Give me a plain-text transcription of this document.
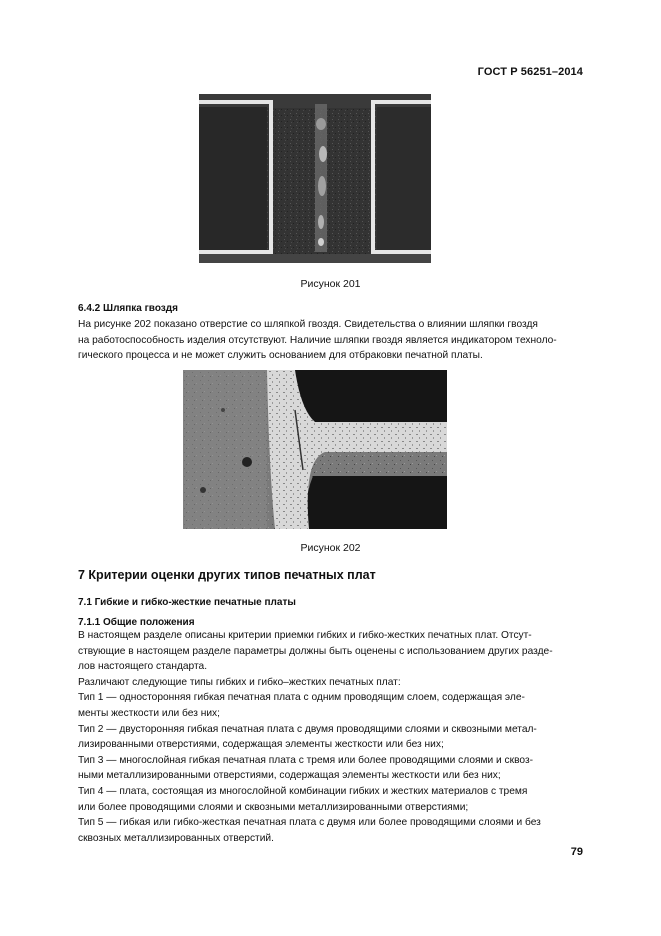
ГОСТ Р 56251–2014
Рисунок 201
6.4.2 Шляпка гвоздя
На рисунке 202 показано отверстие со шляпкой гвоздя. Свидетельства о влиянии шляпки гвоздя
на работоспособность изделия отсутствуют. Наличие шляпки гвоздя является индикатором техноло-
гического процесса и не может служить основанием для отбраковки печатной платы.
Рисунок 202
7 Критерии оценки других типов печатных плат
7.1 Гибкие и гибко-жесткие печатные платы
7.1.1 Общие положения
В настоящем разделе описаны критерии приемки гибких и гибко-жестких печатных плат. Отсут-
ствующие в настоящем разделе параметры должны быть оценены с использованием других разде-
лов настоящего стандарта.
Различают следующие типы гибких и гибко–жестких печатных плат:
Тип 1 — односторонняя гибкая печатная плата с одним проводящим слоем, содержащая эле-
менты жесткости или без них;
Тип 2 — двусторонняя гибкая печатная плата с двумя проводящими слоями и сквозными метал-
лизированными отверстиями, содержащая элементы жесткости или без них;
Тип 3 — многослойная гибкая печатная плата с тремя или более проводящими слоями и сквоз-
ными металлизированными отверстиями, содержащая элементы жесткости или без них;
Тип 4 — плата, состоящая из многослойной комбинации гибких и жестких материалов с тремя
или более проводящими слоями и сквозными металлизированными отверстиями;
Тип 5 — гибкая или гибко-жесткая печатная плата с двумя или более проводящими слоями и без
сквозных металлизированных отверстий.
79
